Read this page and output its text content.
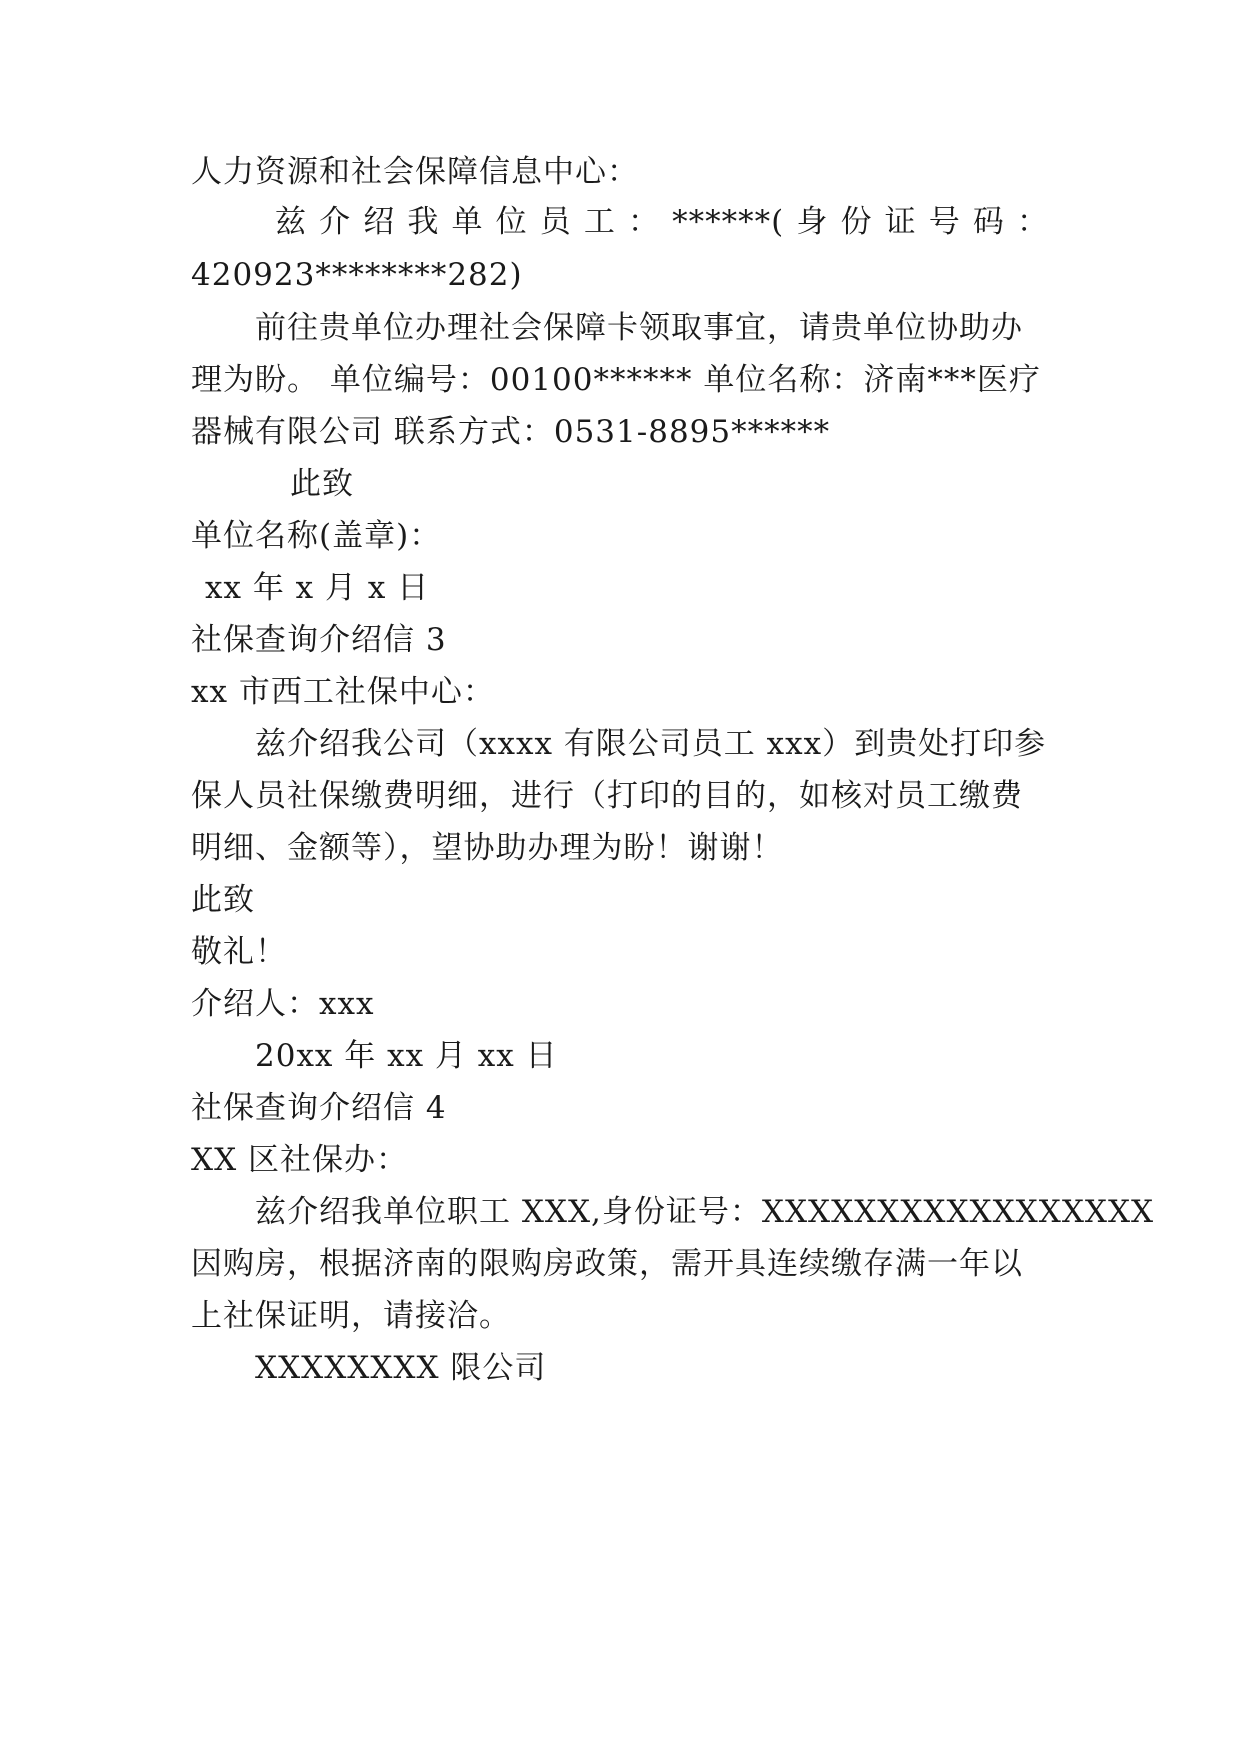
人力资源和社会保障信息中心：
兹 介 绍 我 单 位 员 工 ： ******( 身 份 证 号 码 ：
420923********282)
前往贵单位办理社会保障卡领取事宜，请贵单位协助办
理为盼。 单位编号：00100****** 单位名称：济南***医疗
器械有限公司 联系方式：0531-8895******
此致
单位名称(盖章)：
xx 年 x 月 x 日
社保查询介绍信 3
xx 市西工社保中心：
兹介绍我公司（xxxx 有限公司员工 xxx）到贵处打印参
保人员社保缴费明细，进行（打印的目的，如核对员工缴费
明细、金额等），望协助办理为盼！谢谢！
此致
敬礼！
介绍人：xxx
20xx 年 xx 月 xx 日
社保查询介绍信 4
XX 区社保办：
兹介绍我单位职工 XXX,身份证号：XXXXXXXXXXXXXXXXX
因购房，根据济南的限购房政策，需开具连续缴存满一年以
上社保证明，请接洽。
XXXXXXXX 限公司
